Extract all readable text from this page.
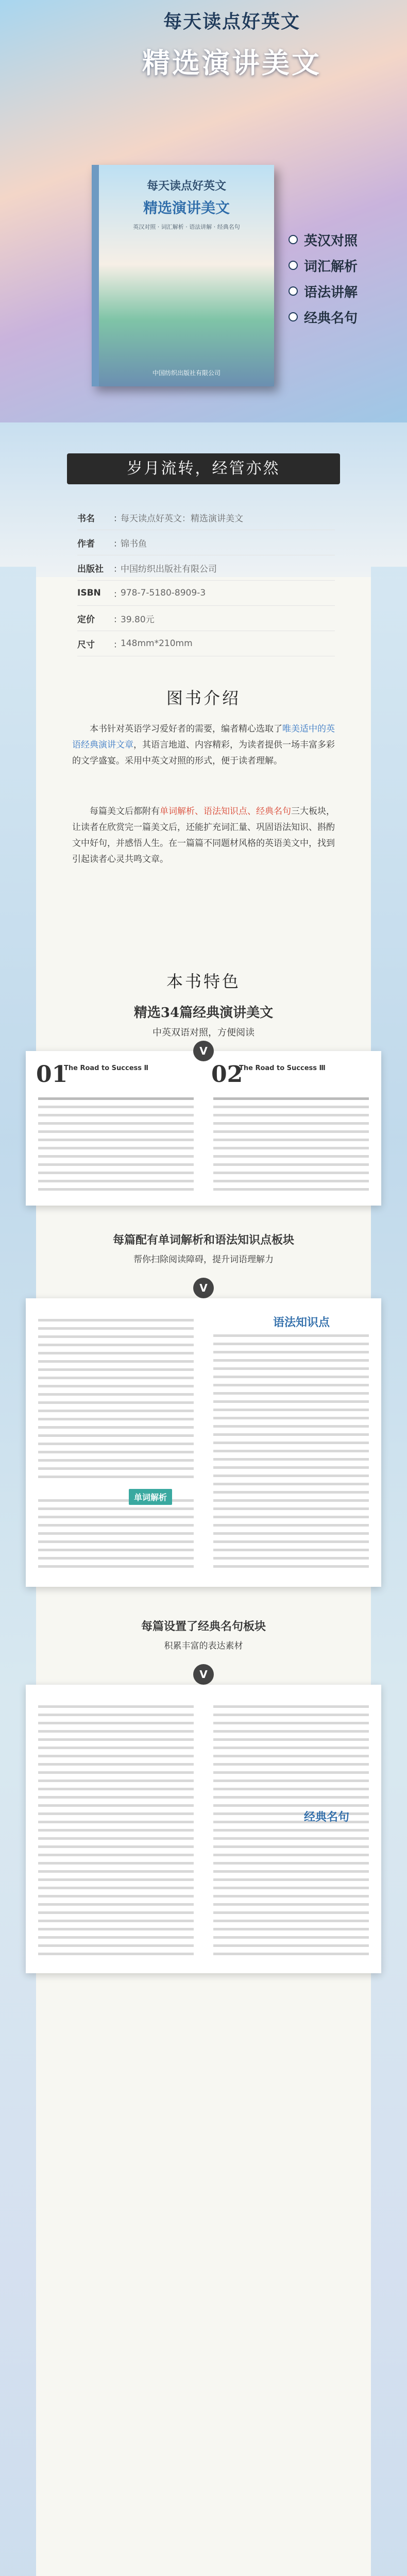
每天读点好英文
精选演讲美文
每天读点好英文
精选演讲美文
英汉对照 · 词汇解析 · 语法讲解 · 经典名句
中国纺织出版社有限公司
英汉对照
词汇解析
语法讲解
经典名句
岁月流转，经管亦然
书名	：
每天读点好英文：精选演讲美文
作者	：
锦书鱼
出版社	：
中国纺织出版社有限公司
ISBN	：
978-7-5180-8909-3
定价	：
39.80元
尺寸	：
148mm*210mm
图书介绍
本书针对英语学习爱好者的需要，编者精心选取了唯美适中的英语经典演讲文章，其语言地道、内容精彩，为读者提供一场丰富多彩的文学盛宴。采用中英文对照的形式，便于读者理解。
每篇美文后都附有单词解析、语法知识点、经典名句三大板块，让读者在欣赏完一篇美文后，还能扩充词汇量、巩固语法知识、斟酌文中好句，并感悟人生。在一篇篇不同题材风格的英语美文中，找到引起读者心灵共鸣文章。
本书特色
精选34篇经典演讲美文
中英双语对照，方便阅读
01
The Road to Success Ⅱ	02
The Road to Success Ⅲ
V
每篇配有单词解析和语法知识点板块
帮你扫除阅读障碍，提升词语理解力
V
单词解析
语法知识点
每篇设置了经典名句板块
积累丰富的表达素材
V
经典名句
